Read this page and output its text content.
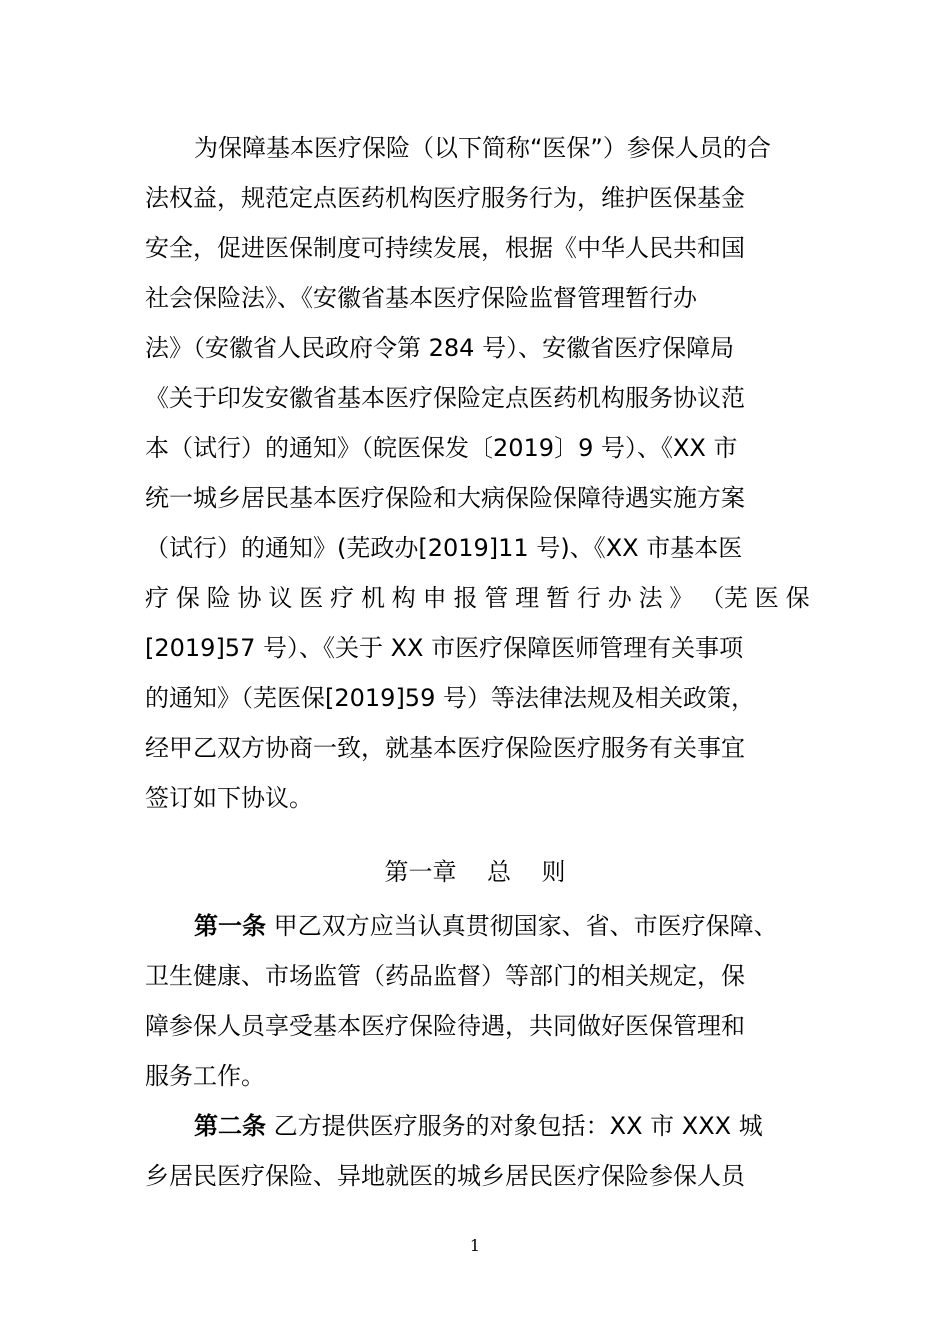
为保障基本医疗保险（以下简称“医保”）参保人员的合
法权益，规范定点医药机构医疗服务行为，维护医保基金
安全，促进医保制度可持续发展，根据《中华人民共和国
社会保险法》、《安徽省基本医疗保险监督管理暂行办
法》（安徽省人民政府令第 284 号）、安徽省医疗保障局
《关于印发安徽省基本医疗保险定点医药机构服务协议范
本（试行）的通知》（皖医保发〔2019〕9 号）、《XX 市
统一城乡居民基本医疗保险和大病保险保障待遇实施方案
（试行）的通知》(芜政办[2019]11 号)、《XX 市基本医
疗 保 险 协 议 医 疗 机 构 申 报 管 理 暂 行 办 法 》 （芜 医 保
[2019]57 号）、《关于 XX 市医疗保障医师管理有关事项
的通知》（芜医保[2019]59 号）等法律法规及相关政策，
经甲乙双方协商一致，就基本医疗保险医疗服务有关事宜
签订如下协议。
第一章    总    则
第一条 甲乙双方应当认真贯彻国家、省、市医疗保障、
卫生健康、市场监管（药品监督）等部门的相关规定，保
障参保人员享受基本医疗保险待遇，共同做好医保管理和
服务工作。
第二条 乙方提供医疗服务的对象包括：XX 市 XXX 城
乡居民医疗保险、异地就医的城乡居民医疗保险参保人员
1
